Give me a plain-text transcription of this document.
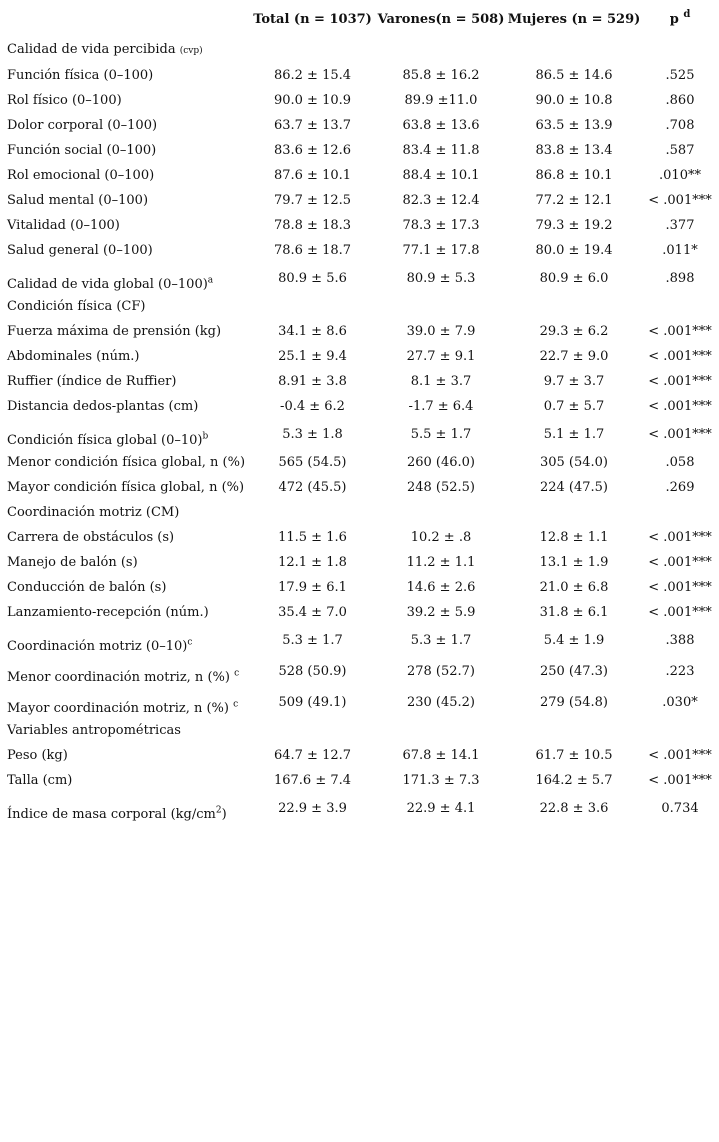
	Total (n = 1037)	Varones(n = 508)	Mujeres (n = 529)	p $^d$
Calidad de vida percibida (cvp)				
Función física (0–100)	86.2 ± 15.4	85.8 ± 16.2	86.5 ± 14.6	.525
Rol físico (0–100)	90.0 ± 10.9	89.9 ±11.0	90.0 ± 10.8	.860
Dolor corporal (0–100)	63.7 ± 13.7	63.8 ± 13.6	63.5 ± 13.9	.708
Función social (0–100)	83.6 ± 12.6	83.4 ± 11.8	83.8 ± 13.4	.587
Rol emocional (0–100)	87.6 ± 10.1	88.4 ± 10.1	86.8 ± 10.1	.010**
Salud mental (0–100)	79.7 ± 12.5	82.3 ± 12.4	77.2 ± 12.1	< .001***
Vitalidad (0–100)	78.8 ± 18.3	78.3 ± 17.3	79.3 ± 19.2	.377
Salud general (0–100)	78.6 ± 18.7	77.1 ± 17.8	80.0 ± 19.4	.011*
Calidad de vida global $(0-100)^a$	80.9 ± 5.6	80.9 ± 5.3	80.9 ± 6.0	.898
Condición física (CF)				
Fuerza máxima de prensión (kg)	34.1 ± 8.6	39.0 ± 7.9	29.3 ± 6.2	< .001***
Abdominales (núm.)	25.1 ± 9.4	27.7 ± 9.1	22.7 ± 9.0	< .001***
Ruffier (índice de Ruffier)	8.91 ± 3.8	8.1 ± 3.7	9.7 ± 3.7	< .001***
Distancia dedos-plantas (cm)	-0.4 ± 6.2	-1.7 ± 6.4	0.7 ± 5.7	< .001***
Condición física global $(0-10)^b$	5.3 ± 1.8	5.5 ± 1.7	5.1 ± 1.7	< .001***
Menor condición física global, n (%)	565 (54.5)	260 (46.0)	305 (54.0)	.058
Mayor condición física global, n (%)	472 (45.5)	248 (52.5)	224 (47.5)	.269
Coordinación motriz (CM)				
Carrera de obstáculos (s)	11.5 ± 1.6	10.2 ± .8	12.8 ± 1.1	< .001***
Manejo de balón (s)	12.1 ± 1.8	11.2 ± 1.1	13.1 ± 1.9	< .001***
Conducción de balón (s)	17.9 ± 6.1	14.6 ± 2.6	21.0 ± 6.8	< .001***
Lanzamiento-recepción (núm.)	35.4 ± 7.0	39.2 ± 5.9	31.8 ± 6.1	< .001***
Coordinación motriz $(0-10)^c$	5.3 ± 1.7	5.3 ± 1.7	5.4 ± 1.9	.388
Menor coordinación motriz, n (%) $^c$	528 (50.9)	278 (52.7)	250 (47.3)	.223
Mayor coordinación motriz, n (%) $^c$	509 (49.1)	230 (45.2)	279 (54.8)	.030*
Variables antropométricas				
Peso (kg)	64.7 ± 12.7	67.8 ± 14.1	61.7 ± 10.5	< .001***
Talla (cm)	167.6 ± 7.4	171.3 ± 7.3	164.2 ± 5.7	< .001***
Índice de masa corporal $(kg/cm^2)$	22.9 ± 3.9	22.9 ± 4.1	22.8 ± 3.6	0.734
